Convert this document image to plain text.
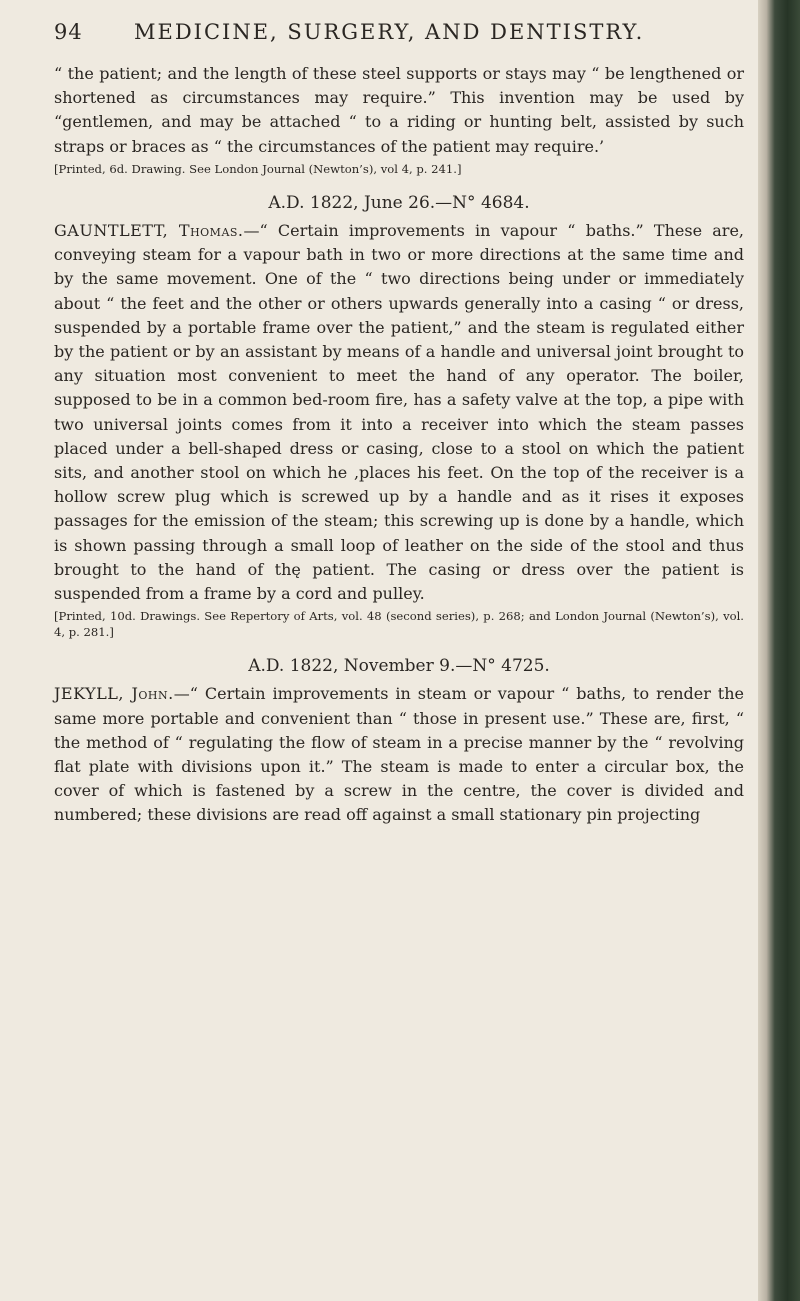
94 MEDICINE, SURGERY, AND DENTISTRY.

“ the patient; and the length of these steel supports or stays may “ be lengthened or shortened as circumstances may require.” This invention may be used by “gentlemen, and may be attached “ to a riding or hunting belt, assisted by such straps or braces as “ the circumstances of the patient may require.’

[Printed, 6d. Drawing. See London Journal (Newton’s), vol 4, p. 241.]

A.D. 1822, June 26.—N° 4684.

GAUNTLETT, Thomas.—“ Certain improvements in vapour “ baths.” These are, conveying steam for a vapour bath in two or more directions at the same time and by the same movement. One of the “ two directions being under or immediately about “ the feet and the other or others upwards generally into a casing “ or dress, suspended by a portable frame over the patient,” and the steam is regulated either by the patient or by an assistant by means of a handle and universal joint brought to any situation most convenient to meet the hand of any operator. The boiler, supposed to be in a common bed-room fire, has a safety valve at the top, a pipe with two universal joints comes from it into a receiver into which the steam passes placed under a bell-shaped dress or casing, close to a stool on which the patient sits, and another stool on which he ‚places his feet. On the top of the receiver is a hollow screw plug which is screwed up by a handle and as it rises it exposes passages for the emission of the steam; this screwing up is done by a handle, which is shown passing through a small loop of leather on the side of the stool and thus brought to the hand of thę patient. The casing or dress over the patient is suspended from a frame by a cord and pulley.

[Printed, 10d. Drawings. See Repertory of Arts, vol. 48 (second series), p. 268; and London Journal (Newton’s), vol. 4, p. 281.]

A.D. 1822, November 9.—N° 4725.

JEKYLL, John.—“ Certain improvements in steam or vapour “ baths, to render the same more portable and convenient than “ those in present use.” These are, first, “ the method of “ regulating the flow of steam in a precise manner by the “ revolving flat plate with divisions upon it.” The steam is made to enter a circular box, the cover of which is fastened by a screw in the centre, the cover is divided and numbered; these divisions are read off against a small stationary pin projecting
